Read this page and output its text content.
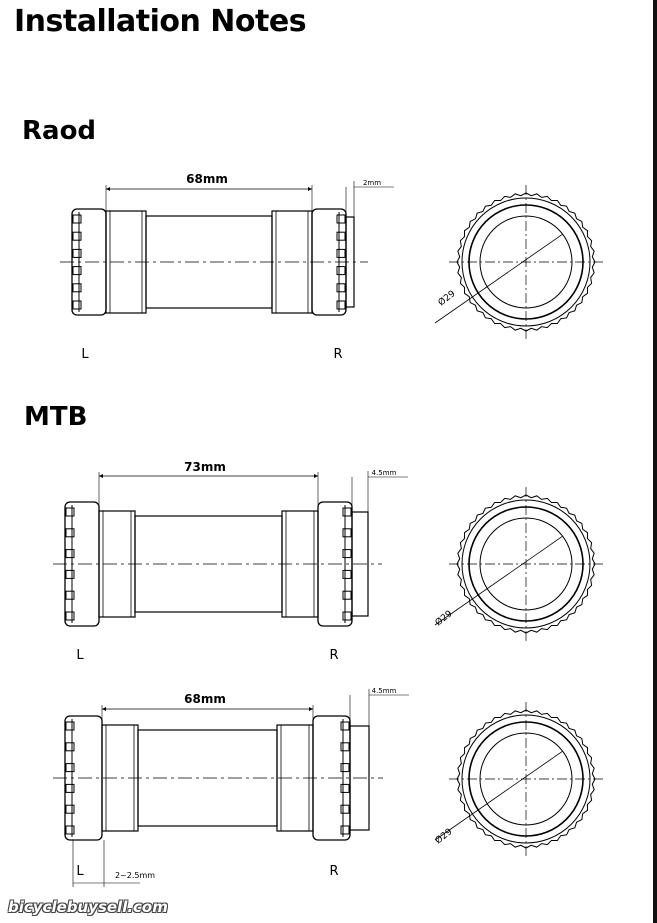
Installation Notes
Raod
MTB
68mm	2mm
L	R
Ø29
73mm	4.5mm
L	R
Ø29
68mm
4.5mm
2~2.5mm
L	R
Ø29
bicyclebuysell.com
